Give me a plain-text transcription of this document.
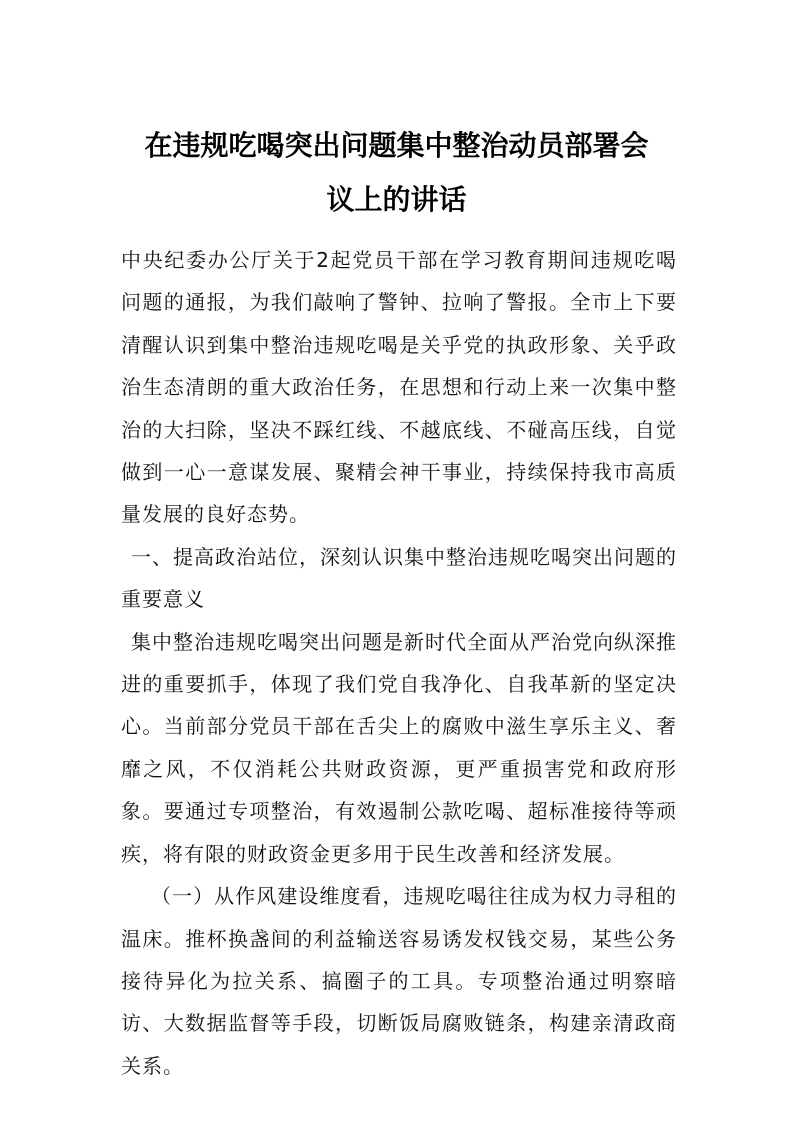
在违规吃喝突出问题集中整治动员部署会
议上的讲话

中央纪委办公厅关于2起党员干部在学习教育期间违规吃喝问题的通报，为我们敲响了警钟、拉响了警报。全市上下要清醒认识到集中整治违规吃喝是关乎党的执政形象、关乎政治生态清朗的重大政治任务，在思想和行动上来一次集中整治的大扫除，坚决不踩红线、不越底线、不碰高压线，自觉做到一心一意谋发展、聚精会神干事业，持续保持我市高质量发展的良好态势。

一、提高政治站位，深刻认识集中整治违规吃喝突出问题的重要意义

集中整治违规吃喝突出问题是新时代全面从严治党向纵深推进的重要抓手，体现了我们党自我净化、自我革新的坚定决心。当前部分党员干部在舌尖上的腐败中滋生享乐主义、奢靡之风，不仅消耗公共财政资源，更严重损害党和政府形象。要通过专项整治，有效遏制公款吃喝、超标准接待等顽疾，将有限的财政资金更多用于民生改善和经济发展。

（一）从作风建设维度看，违规吃喝往往成为权力寻租的温床。推杯换盏间的利益输送容易诱发权钱交易，某些公务接待异化为拉关系、搞圈子的工具。专项整治通过明察暗访、大数据监督等手段，切断饭局腐败链条，构建亲清政商关系。
